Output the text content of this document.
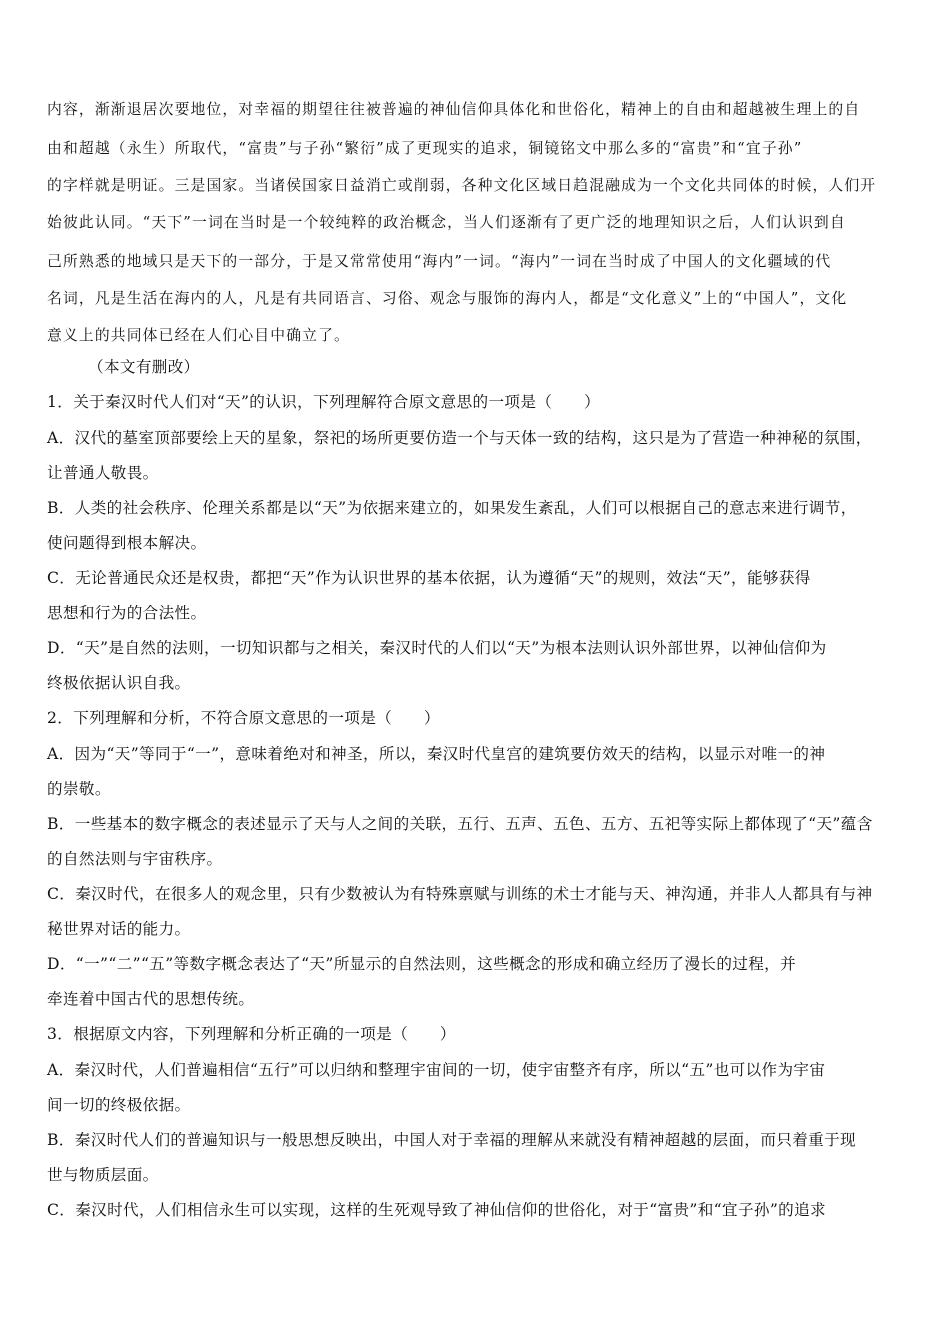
内容，渐渐退居次要地位，对幸福的期望往往被普遍的神仙信仰具体化和世俗化，精神上的自由和超越被生理上的自
由和超越（永生）所取代，“富贵”与子孙“繁衍”成了更现实的追求，铜镜铭文中那么多的“富贵”和“宜子孙”
的字样就是明证。三是国家。当诸侯国家日益消亡或削弱，各种文化区域日趋混融成为一个文化共同体的时候，人们开
始彼此认同。“天下”一词在当时是一个较纯粹的政治概念，当人们逐渐有了更广泛的地理知识之后，人们认识到自
己所熟悉的地域只是天下的一部分，于是又常常使用“海内”一词。“海内”一词在当时成了中国人的文化疆域的代
名词，凡是生活在海内的人，凡是有共同语言、习俗、观念与服饰的海内人，都是“文化意义”上的“中国人”，文化
意义上的共同体已经在人们心目中确立了。
（本文有删改）
1．关于秦汉时代人们对“天”的认识，下列理解符合原文意思的一项是（　　）
A．汉代的墓室顶部要绘上天的星象，祭祀的场所更要仿造一个与天体一致的结构，这只是为了营造一种神秘的氛围，
让普通人敬畏。
B．人类的社会秩序、伦理关系都是以“天”为依据来建立的，如果发生紊乱，人们可以根据自己的意志来进行调节，
使问题得到根本解决。
C．无论普通民众还是权贵，都把“天”作为认识世界的基本依据，认为遵循“天”的规则，效法“天”，能够获得
思想和行为的合法性。
D．“天”是自然的法则，一切知识都与之相关，秦汉时代的人们以“天”为根本法则认识外部世界，以神仙信仰为
终极依据认识自我。
2．下列理解和分析，不符合原文意思的一项是（　　）
A．因为“天”等同于“一”，意味着绝对和神圣，所以，秦汉时代皇宫的建筑要仿效天的结构，以显示对唯一的神
的崇敬。
B．一些基本的数字概念的表述显示了天与人之间的关联，五行、五声、五色、五方、五祀等实际上都体现了“天”蕴含
的自然法则与宇宙秩序。
C．秦汉时代，在很多人的观念里，只有少数被认为有特殊禀赋与训练的术士才能与天、神沟通，并非人人都具有与神
秘世界对话的能力。
D．“一”“二”“五”等数字概念表达了“天”所显示的自然法则，这些概念的形成和确立经历了漫长的过程，并
牵连着中国古代的思想传统。
3．根据原文内容，下列理解和分析正确的一项是（　　）
A．秦汉时代，人们普遍相信“五行”可以归纳和整理宇宙间的一切，使宇宙整齐有序，所以“五”也可以作为宇宙
间一切的终极依据。
B．秦汉时代人们的普遍知识与一般思想反映出，中国人对于幸福的理解从来就没有精神超越的层面，而只着重于现
世与物质层面。
C．秦汉时代，人们相信永生可以实现，这样的生死观导致了神仙信仰的世俗化，对于“富贵”和“宜子孙”的追求
